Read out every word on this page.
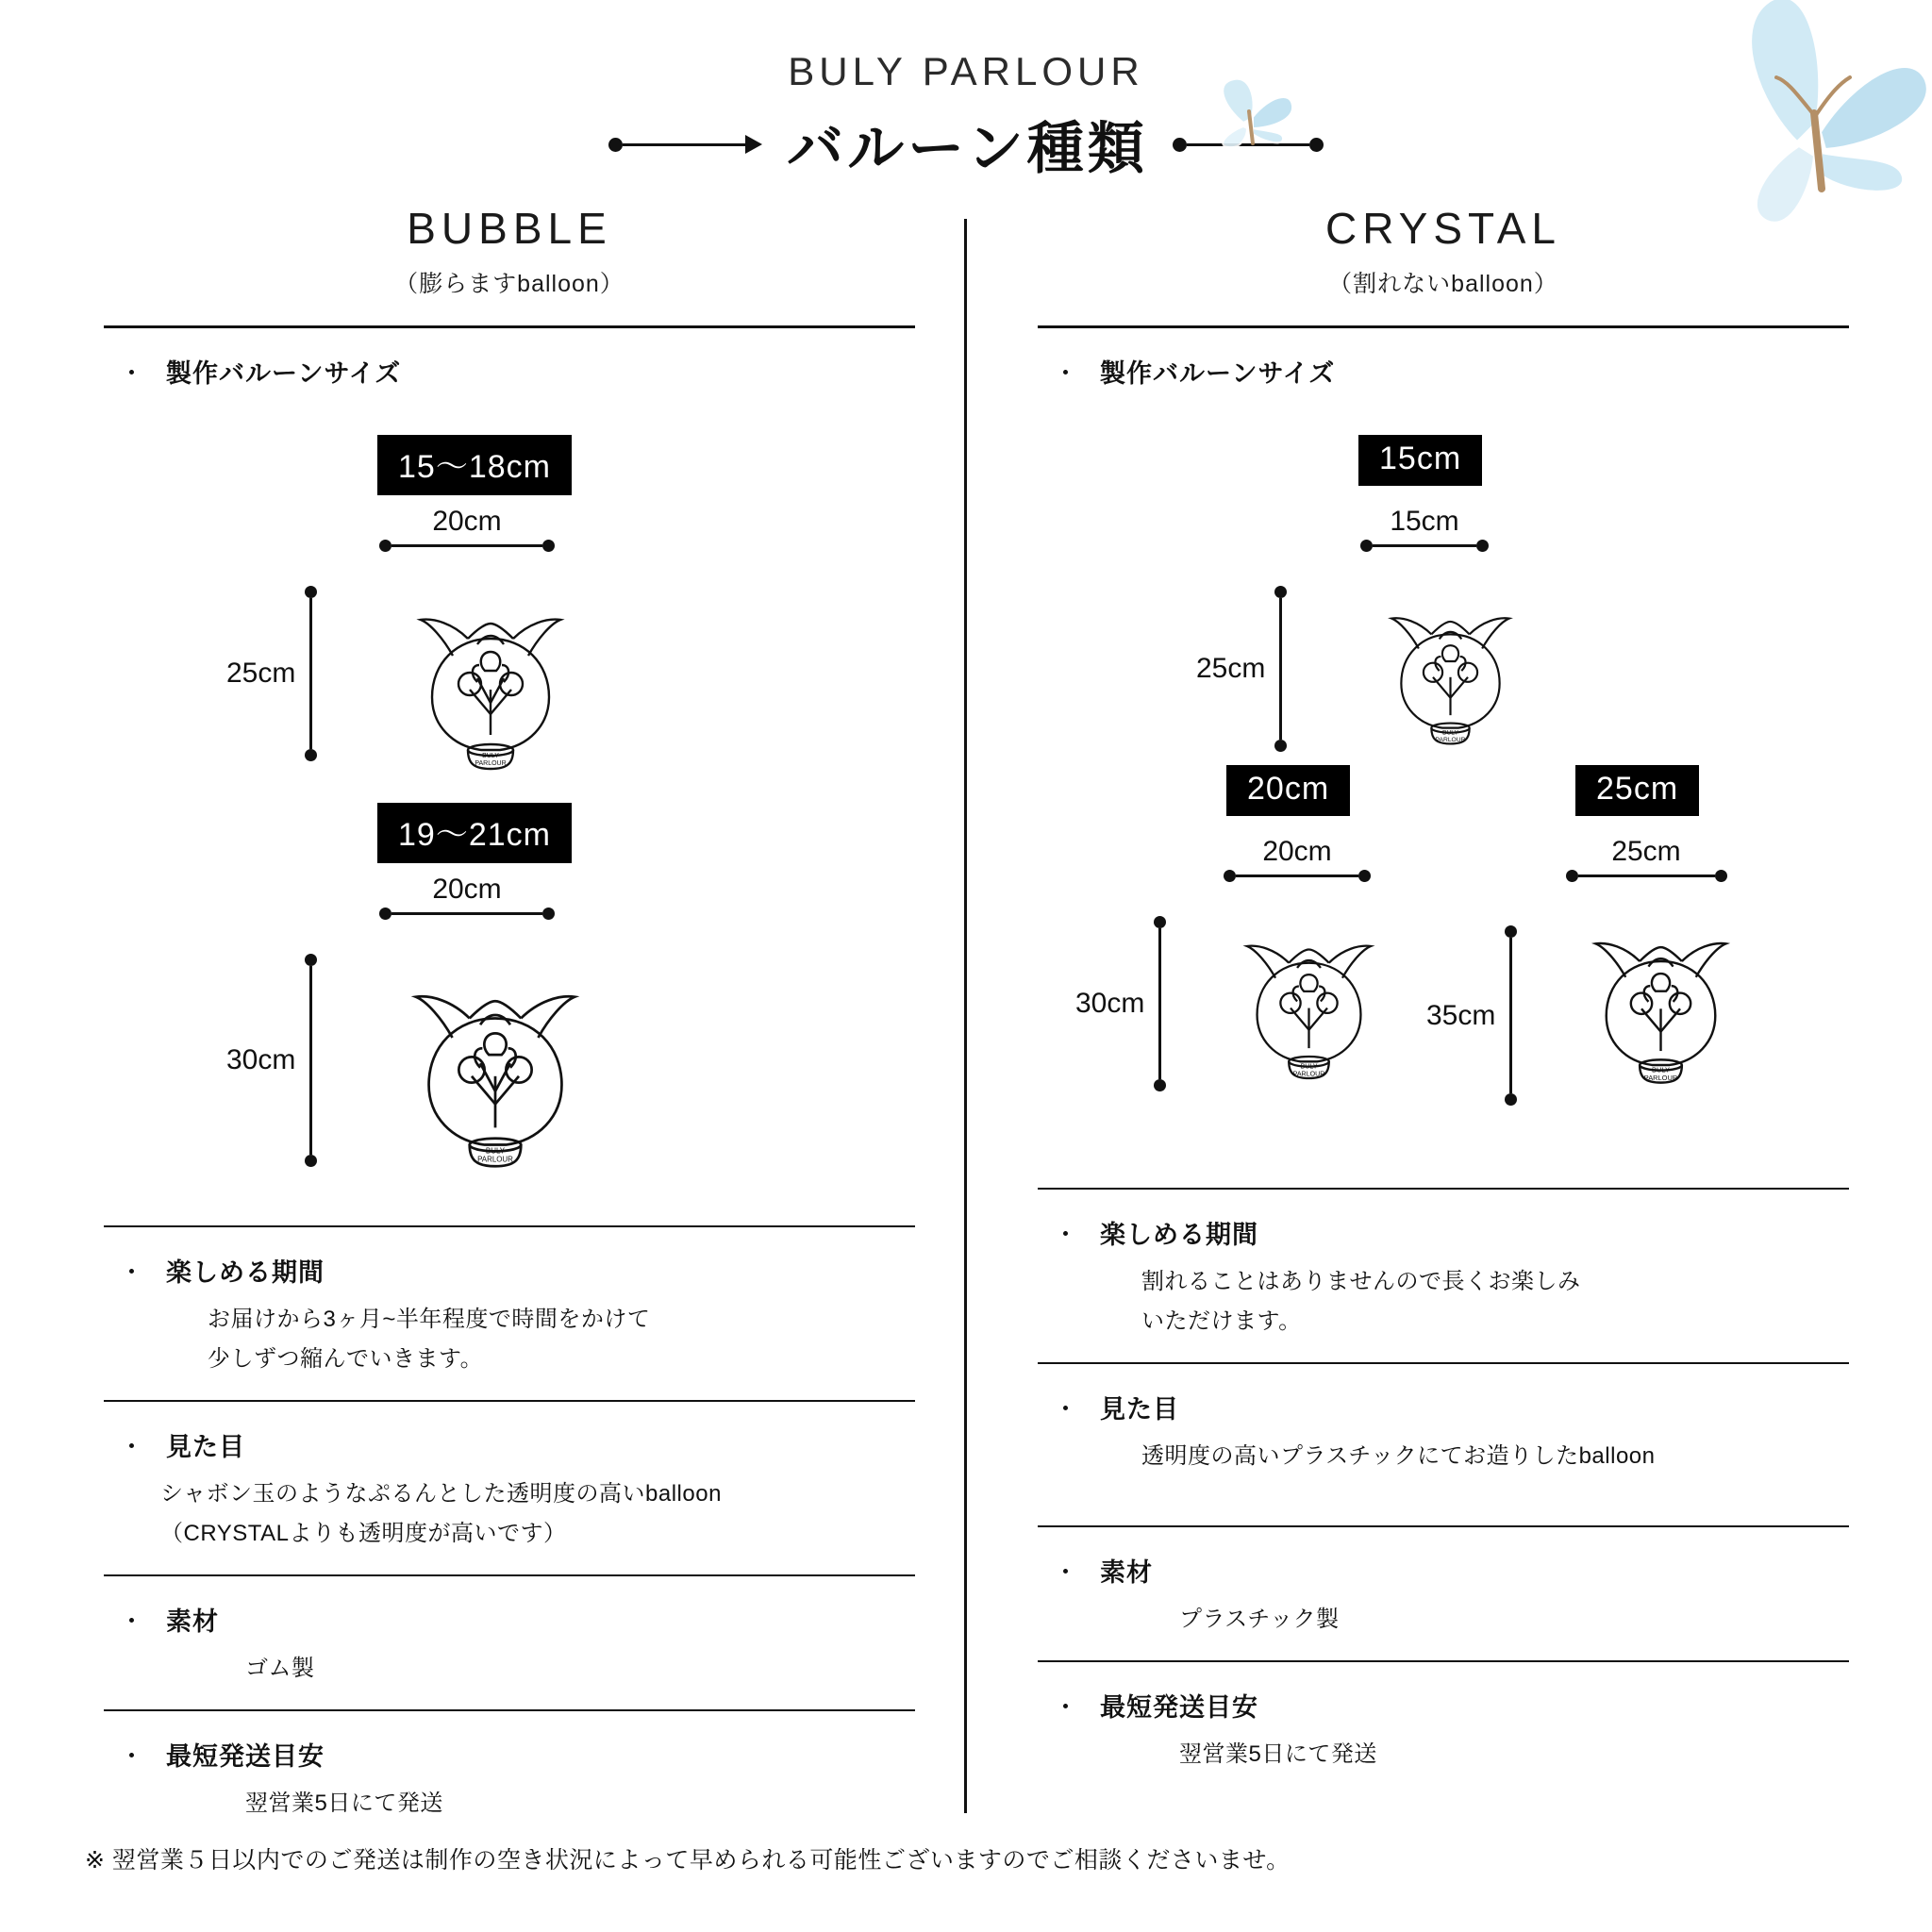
BULY PARLOUR
バルーン種類
BUBBLE
（膨らますballoon）
・ 製作バルーンサイズ
15〜18cm
20cm
25cm
BULY
PARLOUR
19〜21cm
20cm
30cm
BULY
PARLOUR
・ 楽しめる期間
お届けから3ヶ月~半年程度で時間をかけて
少しずつ縮んでいきます。
・ 見た目
シャボン玉のようなぷるんとした透明度の高いballoon
（CRYSTALよりも透明度が高いです）
・ 素材
ゴム製
・ 最短発送目安
翌営業5日にて発送
CRYSTAL
（割れないballoon）
・ 製作バルーンサイズ
15cm
15cm
25cm
BULY
PARLOUR
20cm
20cm
30cm
BULY
PARLOUR
25cm
25cm
35cm
BULY
PARLOUR
・ 楽しめる期間
割れることはありませんので長くお楽しみ
いただけます。
・ 見た目
透明度の高いプラスチックにてお造りしたballoon
・ 素材
プラスチック製
・ 最短発送目安
翌営業5日にて発送
※ 翌営業５日以内でのご発送は制作の空き状況によって早められる可能性ございますのでご相談くださいませ。
